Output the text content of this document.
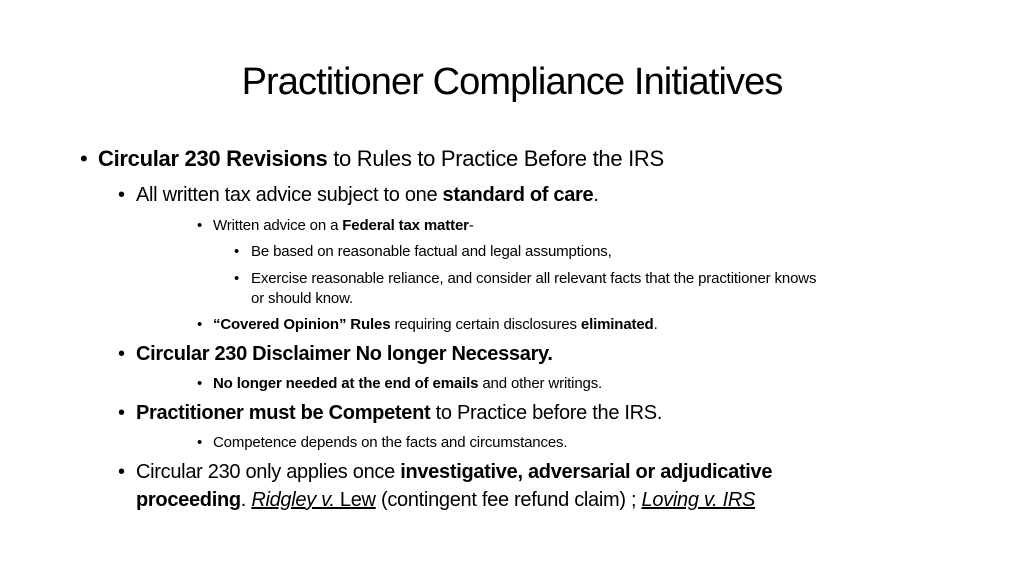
Practitioner Compliance Initiatives
• Circular 230 Revisions to Rules to Practice Before the IRS
• All written tax advice subject to one standard of care.
• Written advice on a Federal tax matter-
• Be based on reasonable factual and legal assumptions,
• Exercise reasonable reliance, and consider all relevant facts that the practitioner knows
or should know.
• “Covered Opinion” Rules requiring certain disclosures eliminated.
• Circular 230 Disclaimer No longer Necessary.
• No longer needed at the end of emails and other writings.
• Practitioner must be Competent to Practice before the IRS.
• Competence depends on the facts and circumstances.
• Circular 230 only applies once investigative, adversarial or adjudicative
proceeding. Ridgley v. Lew (contingent fee refund claim) ; Loving v. IRS
